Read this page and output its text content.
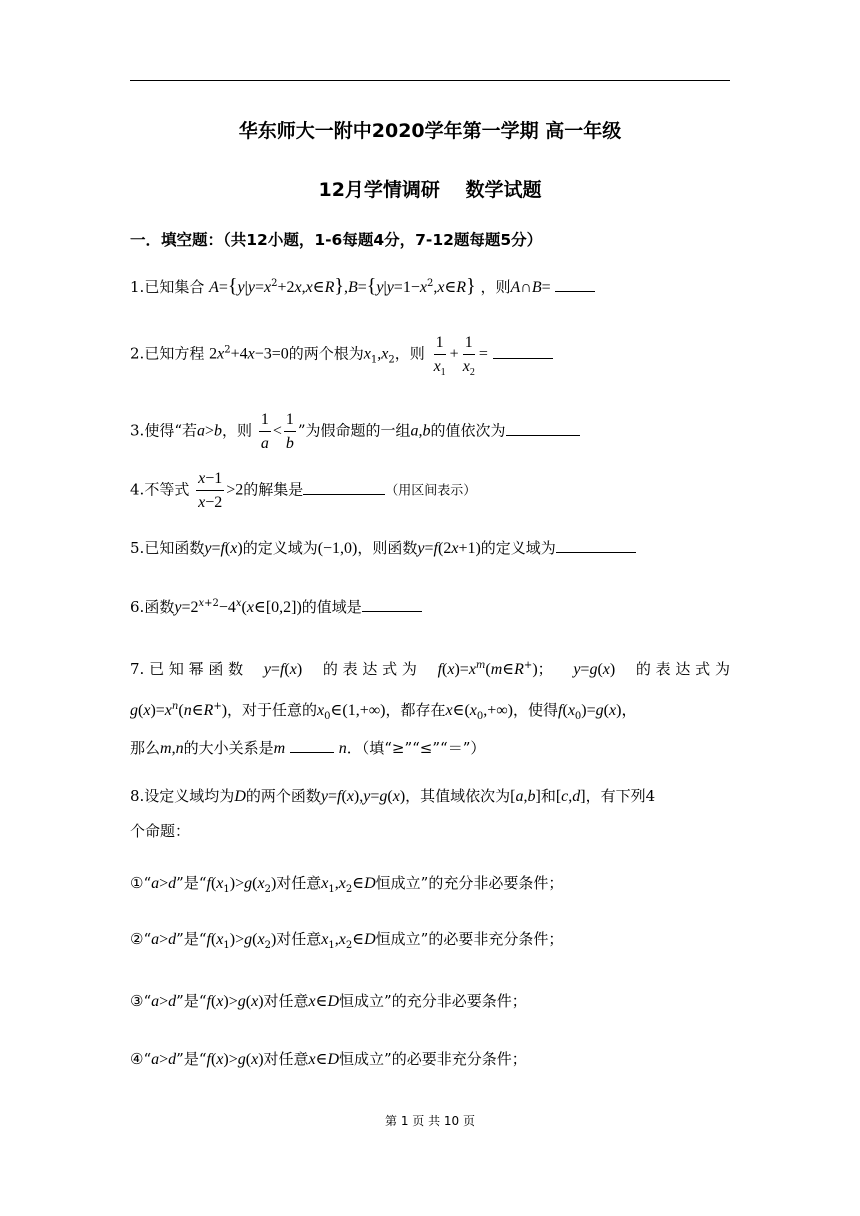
华东师大一附中2020学年第一学期 高一年级
12月学情调研　 数学试题
一．填空题：（共12小题，1-6每题4分，7-12题每题5分）
1.已知集合 $A=\{y|y=x^2+2x,x\in R\},B=\{y|y=1-x^2,x\in R\}$ ，则A∩B=
2.已知方程 $2x^2+4x-3=0$的两个根为$x_1,x_2$，则 $\frac{1}{x_1} + \frac{1}{x_2}$ =
3.使得“若a>b，则 $\frac{1}{a} < \frac{1}{b}$ ”为假命题的一组a,b的值依次为
4.不等式 $\frac{x-1}{x-2} >2$的解集是	（用区间表示）
5.已知函数y=f(x)的定义域为(−1,0)，则函数y=f(2x+1)的定义域为
6.函数$y=2^{x+2}-4^x(x\in[0,2])$的值域是
7. 已 知 幂 函 数 y=f(x) 的 表 达 式 为 $f(x)=x^m(m\in R^+)$； y=g(x) 的 表 达 式 为
$g(x)=x^n(n\in R^+)$，对于任意的$x_0\in(1,+\infty)$，都存在$x\in(x_0,+\infty)$，使得$f(x_0)=g(x)$，
那么m,n的大小关系是m	n．（填“≥”“≤”“＝”）
8.设定义域均为D的两个函数y=f(x),y=g(x)，其值域依次为[a,b]和[c,d]，有下列4
个命题：
①“a>d”是“$f(x_1)>g(x_2)$对任意$x_1,x_2\in D$恒成立”的充分非必要条件；
②“a>d”是“$f(x_1)>g(x_2)$对任意$x_1,x_2\in D$恒成立”的必要非充分条件；
③“a>d”是“f(x)>g(x)对任意x∈D恒成立”的充分非必要条件；
④“a>d”是“f(x)>g(x)对任意x∈D恒成立”的必要非充分条件；
第 1 页 共 10 页
